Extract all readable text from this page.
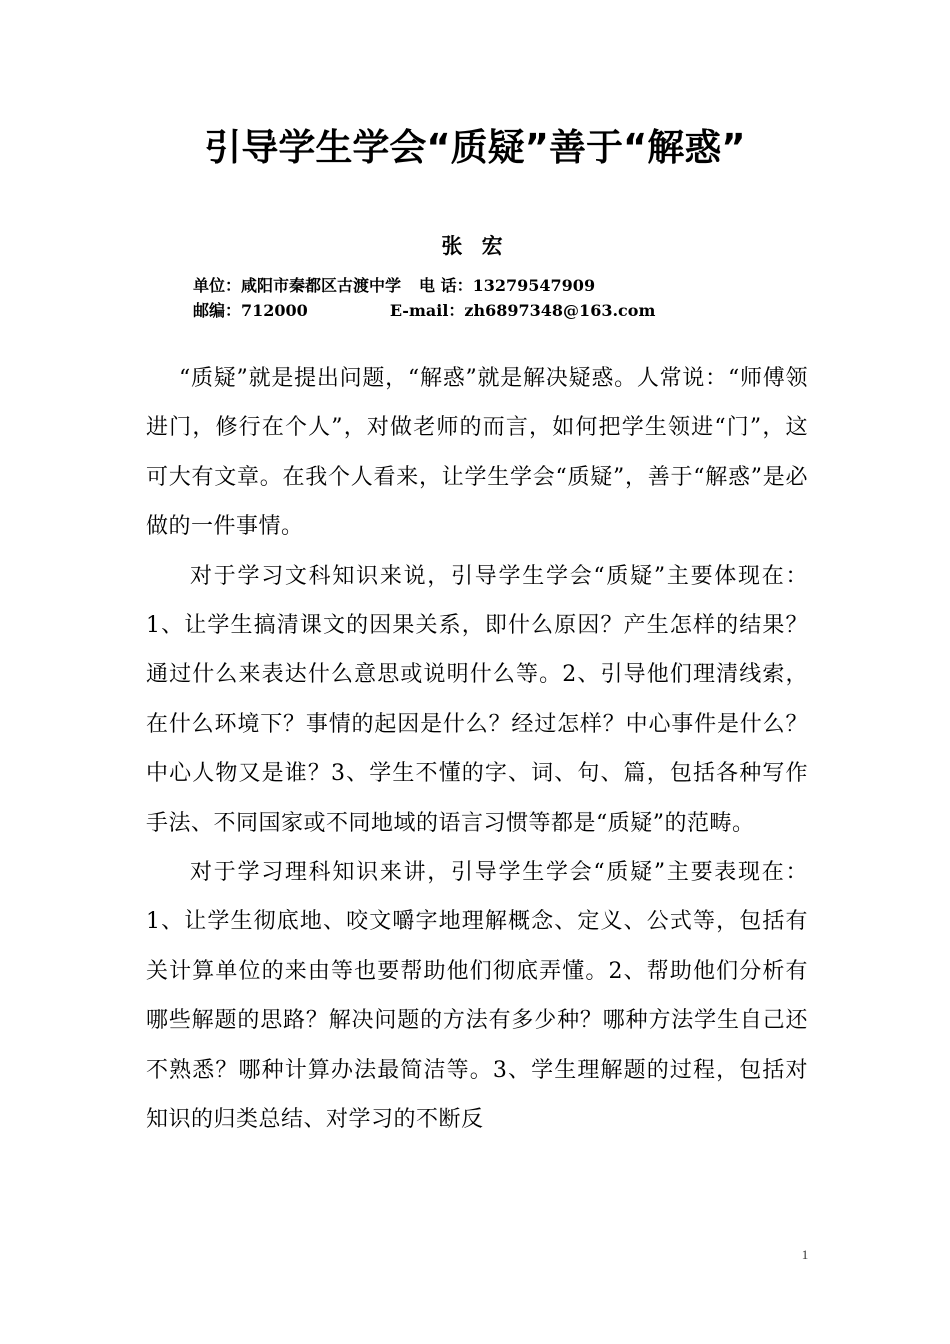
引导学生学会“质疑”善于“解惑”
张 宏
单位：咸阳市秦都区古渡中学 电 话：13279547909
邮编：712000	E-mail：zh6897348@163.com

“质疑”就是提出问题，“解惑”就是解决疑惑。人常说：“师傅领进门，修行在个人”，对做老师的而言，如何把学生领进“门”，这可大有文章。在我个人看来，让学生学会“质疑”，善于“解惑”是必做的一件事情。

对于学习文科知识来说，引导学生学会“质疑”主要体现在：1、让学生搞清课文的因果关系，即什么原因？产生怎样的结果？通过什么来表达什么意思或说明什么等。2、引导他们理清线索，在什么环境下？事情的起因是什么？经过怎样？中心事件是什么？中心人物又是谁？3、学生不懂的字、词、句、篇，包括各种写作手法、不同国家或不同地域的语言习惯等都是“质疑”的范畴。

对于学习理科知识来讲，引导学生学会“质疑”主要表现在：1、让学生彻底地、咬文嚼字地理解概念、定义、公式等，包括有关计算单位的来由等也要帮助他们彻底弄懂。2、帮助他们分析有哪些解题的思路？解决问题的方法有多少种？哪种方法学生自己还不熟悉？哪种计算办法最简洁等。3、学生理解题的过程，包括对知识的归类总结、对学习的不断反

1
